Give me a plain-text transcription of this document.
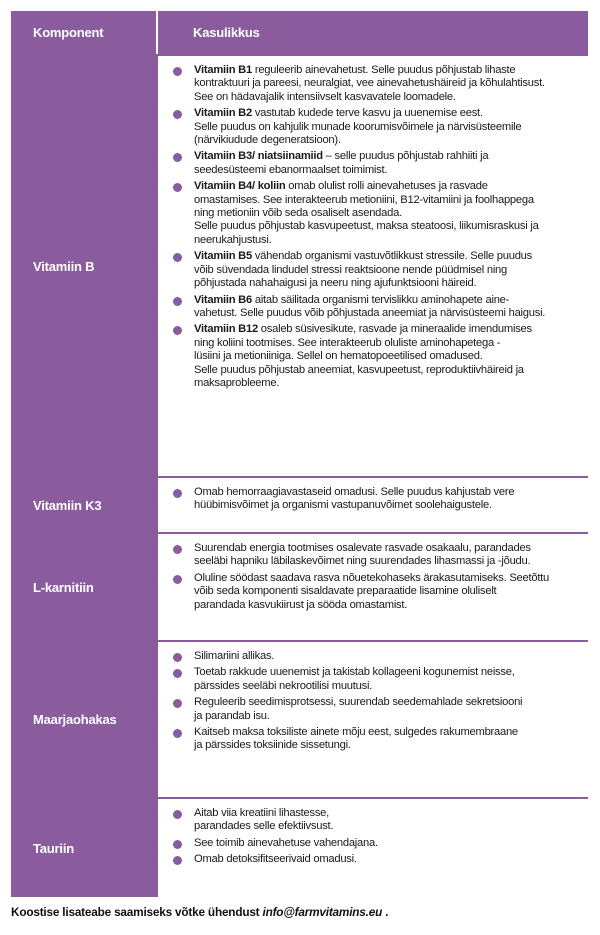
Komponent	Kasulikkus
Vitamiin B
Vitamiin B1 reguleerib ainevahetust. Selle puudus põhjustab lihaste
kontraktuuri ja pareesi, neuralgiat, vee ainevahetushäireid ja kõhulahtisust.
See on hädavajalik intensiivselt kasvavatele loomadele.
Vitamiin B2 vastutab kudede terve kasvu ja uuenemise eest.
Selle puudus on kahjulik munade koorumisvõimele ja närvisüsteemile
(närvikiudude degeneratsioon).
Vitamiin B3/ niatsiinamiid – selle puudus põhjustab rahhiiti ja
seedesüsteemi ebanormaalset toimimist.
Vitamiin B4/ koliin omab olulist rolli ainevahetuses ja rasvade
omastamises. See interakteerub metioniini, B12-vitamiini ja foolhappega
ning metioniin võib seda osaliselt asendada.
Selle puudus põhjustab kasvupeetust, maksa steatoosi, liikumisraskusi ja
neerukahjustusi.
Vitamiin B5 vähendab organismi vastuvõtlikkust stressile. Selle puudus
võib süvendada lindudel stressi reaktsioone nende püüdmisel ning
põhjustada nahahaigusi ja neeru ning ajufunktsiooni häireid.
Vitamiin B6 aitab säilitada organismi tervislikku aminohapete aine-
vahetust. Selle puudus võib põhjustada aneemiat ja närvisüsteemi haigusi.
Vitamiin B12 osaleb süsivesikute, rasvade ja mineraalide imendumises
ning koliini tootmises. See interakteerub oluliste aminohapetega -
lüsiini ja metioniiniga. Sellel on hematopoeetilised omadused.
Selle puudus põhjustab aneemiat, kasvupeetust, reproduktiivhäireid ja
maksaprobleeme.
Vitamiin K3
Omab hemorraagiavastaseid omadusi. Selle puudus kahjustab vere
hüübimisvõimet ja organismi vastupanuvõimet soolehaigustele.
L-karnitiin
Suurendab energia tootmises osalevate rasvade osakaalu, parandades
seeläbi hapniku läbilaskevõimet ning suurendades lihasmassi ja -jõudu.
Oluline söödast saadava rasva nõuetekohaseks ärakasutamiseks. Seetõttu
võib seda komponenti sisaldavate preparaatide lisamine oluliselt
parandada kasvukiirust ja sööda omastamist.
Maarjaohakas
Silimariini allikas.
Toetab rakkude uuenemist ja takistab kollageeni kogunemist neisse,
pärssides seeläbi nekrootilisi muutusi.
Reguleerib seedimisprotsessi, suurendab seedemahlade sekretsiooni
ja parandab isu.
Kaitseb maksa toksiliste ainete mõju eest, sulgedes rakumembraane
ja pärssides toksiinide sissetungi.
Tauriin
Aitab viia kreatiini lihastesse,
parandades selle efektiivsust.
See toimib ainevahetuse vahendajana.
Omab detoksifitseerivaid omadusi.
Koostise lisateabe saamiseks võtke ühendust info@farmvitamins.eu .
